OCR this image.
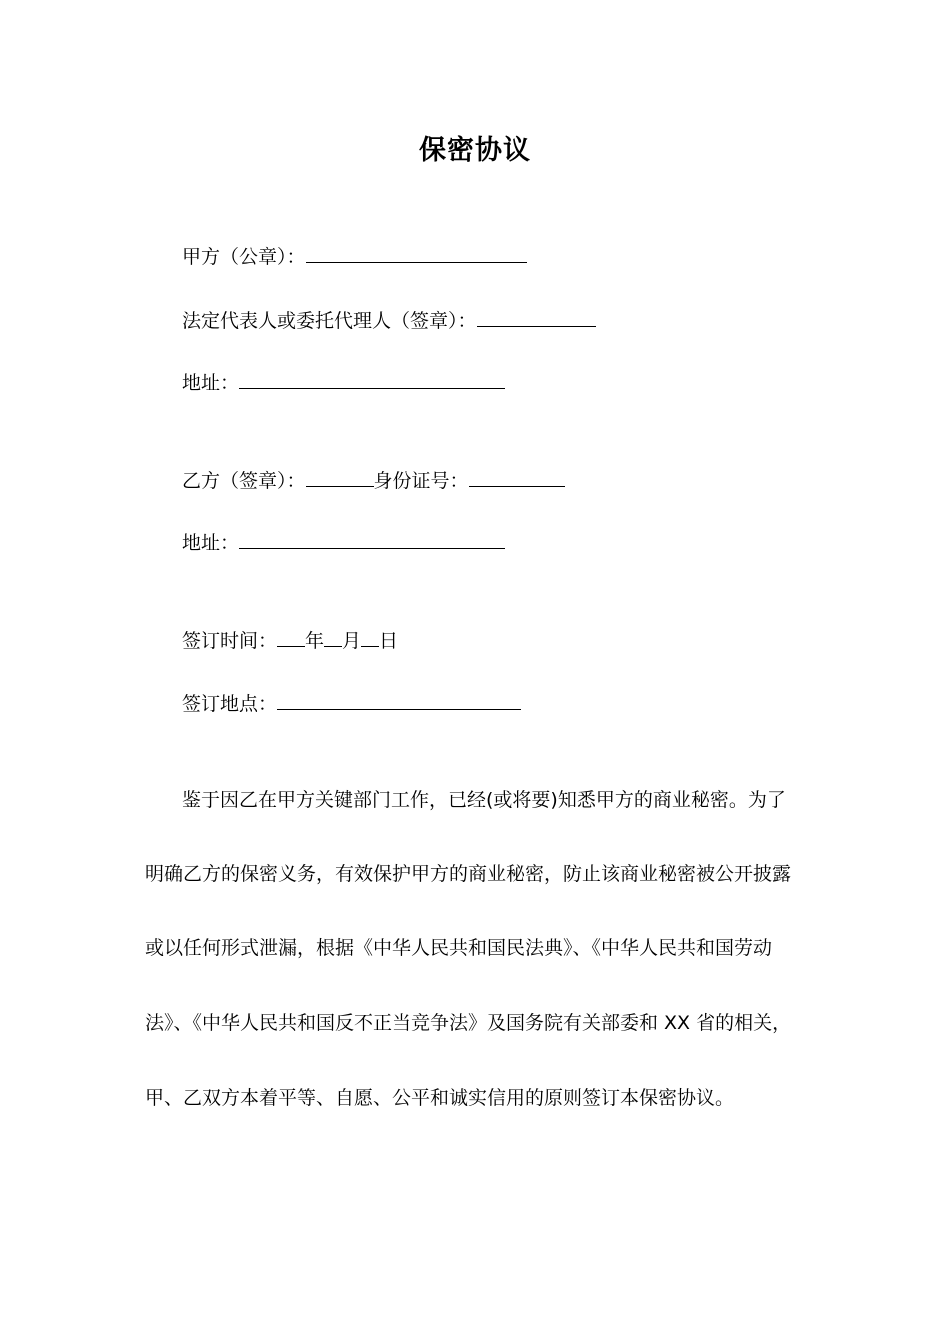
保密协议
甲方（公章）：
法定代表人或委托代理人（签章）：
地址：
乙方（签章）：	身份证号：
地址：
签订时间： 年 月 日
签订地点：
鉴于因乙在甲方关键部门工作，已经(或将要)知悉甲方的商业秘密。为了
明确乙方的保密义务，有效保护甲方的商业秘密，防止该商业秘密被公开披露
或以任何形式泄漏，根据《中华人民共和国民法典》、《中华人民共和国劳动
法》、《中华人民共和国反不正当竞争法》及国务院有关部委和 XX 省的相关，
甲、乙双方本着平等、自愿、公平和诚实信用的原则签订本保密协议。
